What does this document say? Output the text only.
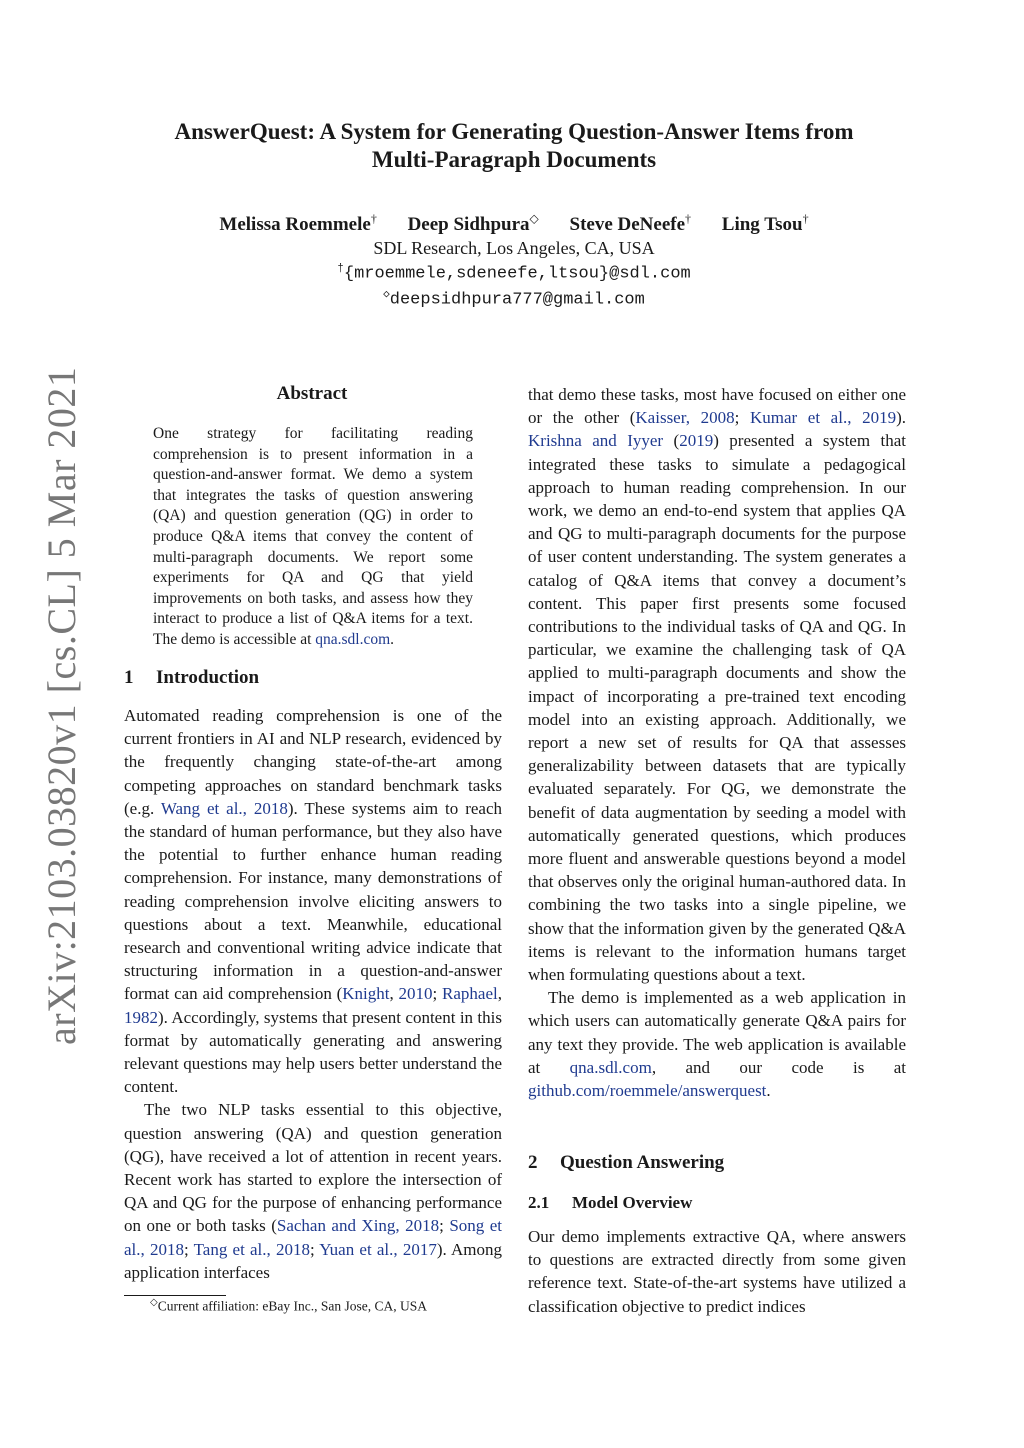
arXiv:2103.03820v1 [cs.CL] 5 Mar 2021
AnswerQuest: A System for Generating Question-Answer Items from
Multi-Paragraph Documents
Melissa Roemmele† Deep Sidhpura◇ Steve DeNeefe† Ling Tsou†
SDL Research, Los Angeles, CA, USA
†{mroemmele,sdeneefe,ltsou}@sdl.com
◇deepsidhpura777@gmail.com
Abstract
One strategy for facilitating reading comprehension is to present information in a question-and-answer format. We demo a system that integrates the tasks of question answering (QA) and question generation (QG) in order to produce Q&A items that convey the content of multi-paragraph documents. We report some experiments for QA and QG that yield improvements on both tasks, and assess how they interact to produce a list of Q&A items for a text. The demo is accessible at qna.sdl.com.
1 Introduction

Automated reading comprehension is one of the current frontiers in AI and NLP research, evidenced by the frequently changing state-of-the-art among competing approaches on standard benchmark tasks (e.g. Wang et al., 2018). These systems aim to reach the standard of human performance, but they also have the potential to further enhance human reading comprehension. For instance, many demonstrations of reading comprehension involve eliciting answers to questions about a text. Meanwhile, educational research and conventional writing advice indicate that structuring information in a question-and-answer format can aid comprehension (Knight, 2010; Raphael, 1982). Accordingly, systems that present content in this format by automatically generating and answering relevant questions may help users better understand the content.

The two NLP tasks essential to this objective, question answering (QA) and question generation (QG), have received a lot of attention in recent years. Recent work has started to explore the intersection of QA and QG for the purpose of enhancing performance on one or both tasks (Sachan and Xing, 2018; Song et al., 2018; Tang et al., 2018; Yuan et al., 2017). Among application interfaces

that demo these tasks, most have focused on either one or the other (Kaisser, 2008; Kumar et al., 2019). Krishna and Iyyer (2019) presented a system that integrated these tasks to simulate a pedagogical approach to human reading comprehension. In our work, we demo an end-to-end system that applies QA and QG to multi-paragraph documents for the purpose of user content understanding. The system generates a catalog of Q&A items that convey a document’s content. This paper first presents some focused contributions to the individual tasks of QA and QG. In particular, we examine the challenging task of QA applied to multi-paragraph documents and show the impact of incorporating a pre-trained text encoding model into an existing approach. Additionally, we report a new set of results for QA that assesses generalizability between datasets that are typically evaluated separately. For QG, we demonstrate the benefit of data augmentation by seeding a model with automatically generated questions, which produces more fluent and answerable questions beyond a model that observes only the original human-authored data. In combining the two tasks into a single pipeline, we show that the information given by the generated Q&A items is relevant to the information humans target when formulating questions about a text.

The demo is implemented as a web application in which users can automatically generate Q&A pairs for any text they provide. The web application is available at qna.sdl.com, and our code is at github.com/roemmele/answerquest.

2 Question Answering
2.1 Model Overview

Our demo implements extractive QA, where answers to questions are extracted directly from some given reference text. State-of-the-art systems have utilized a classification objective to predict indices

◇Current affiliation: eBay Inc., San Jose, CA, USA
